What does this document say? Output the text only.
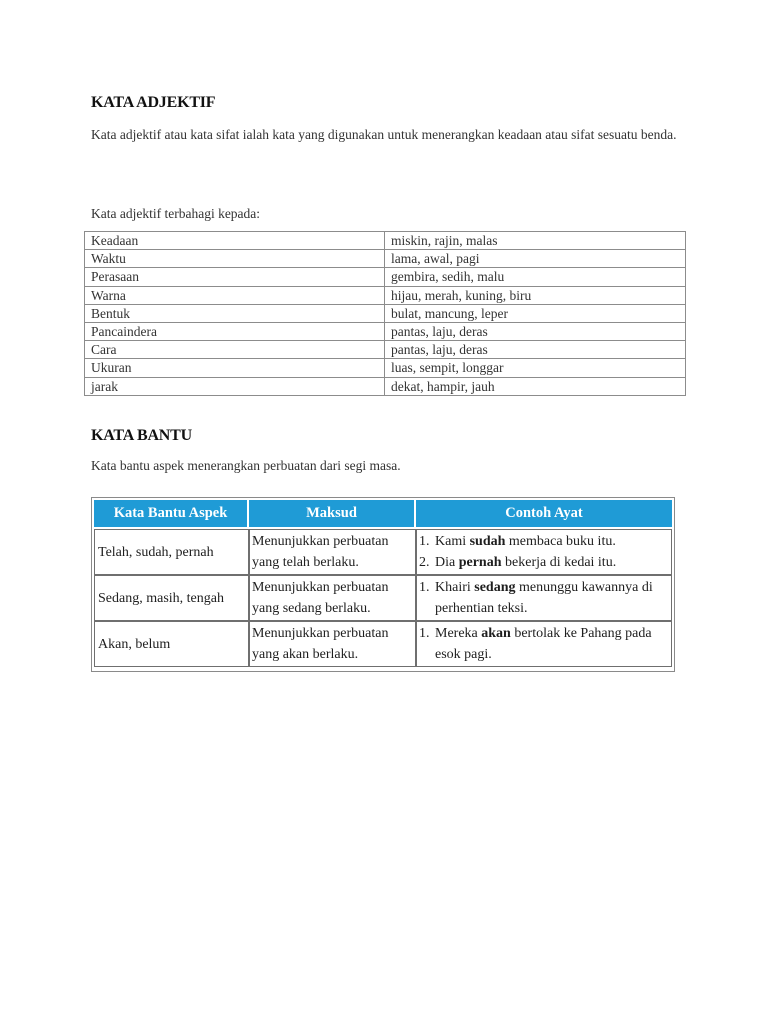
KATA ADJEKTIF
Kata adjektif atau kata sifat ialah kata yang digunakan untuk menerangkan keadaan atau sifat sesuatu benda.
Kata adjektif terbahagi kepada:
Keadaan	miskin, rajin, malas
Waktu	lama, awal, pagi
Perasaan	gembira, sedih, malu
Warna	hijau, merah, kuning, biru
Bentuk	bulat, mancung, leper
Pancaindera	pantas, laju, deras
Cara	pantas, laju, deras
Ukuran	luas, sempit, longgar
jarak	dekat, hampir, jauh
KATA BANTU
Kata bantu aspek menerangkan perbuatan dari segi masa.
Kata Bantu Aspek	Maksud	Contoh Ayat
Telah, sudah, pernah	Menunjukkan perbuatan yang telah berlaku.	1. Kami sudah membaca buku itu.
2. Dia pernah bekerja di kedai itu.

Sedang, masih, tengah	Menunjukkan perbuatan yang sedang berlaku.	1. Khairi sedang menunggu kawannya di perhentian teksi.

Akan, belum	Menunjukkan perbuatan yang akan berlaku.	1. Mereka akan bertolak ke Pahang pada esok pagi.
